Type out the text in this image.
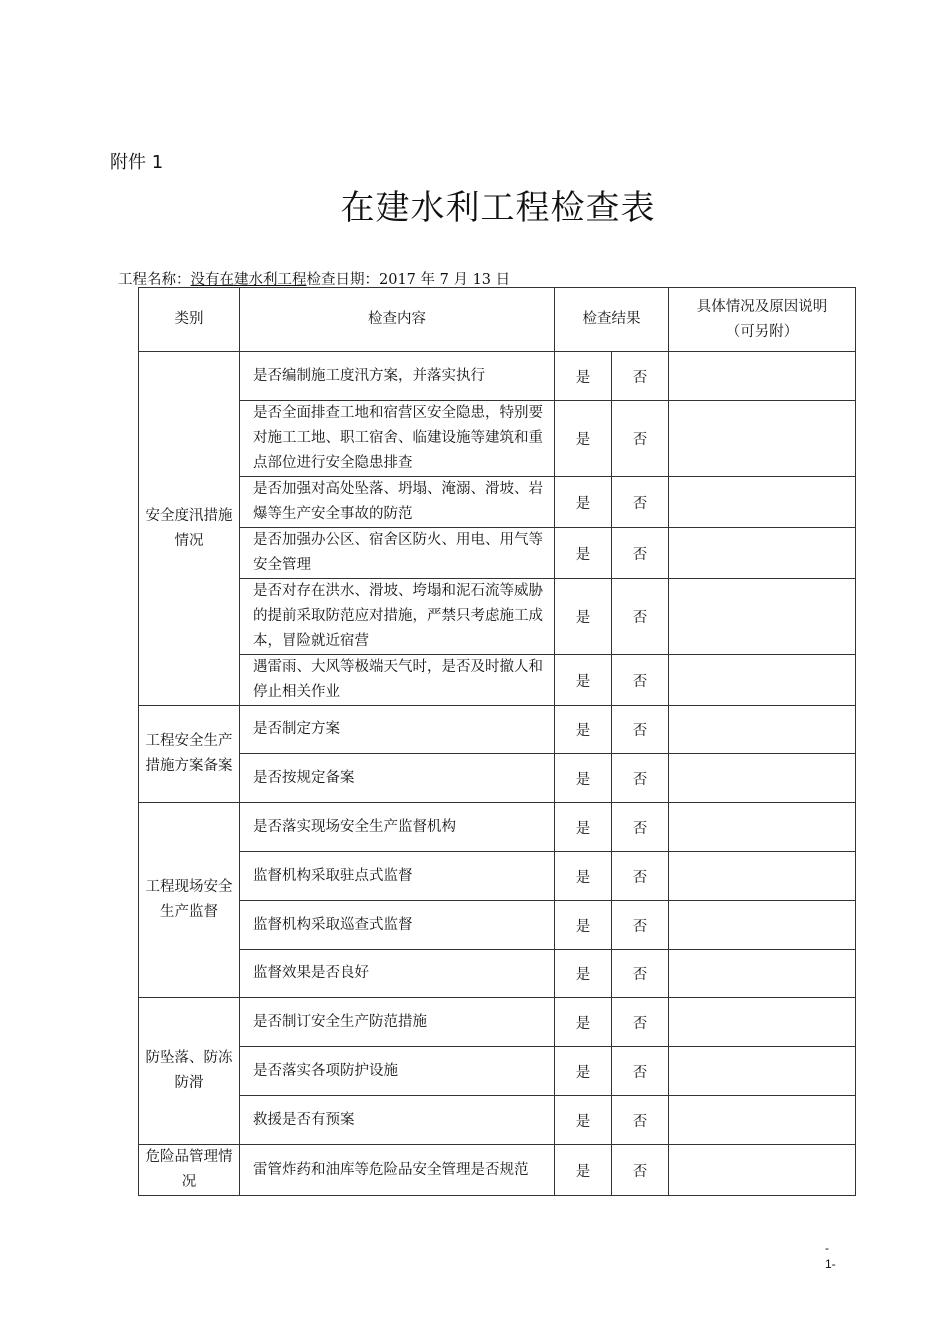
附件 1
在建水利工程检查表
工程名称：没有在建水利工程检查日期：2017 年 7 月 13 日
类别	检查内容	检查结果		具体情况及原因说明
（可另附）
安全度汛措施情况	是否编制施工度汛方案，并落实执行	是	否	
	是否全面排查工地和宿营区安全隐患，特别要对施工工地、职工宿舍、临建设施等建筑和重点部位进行安全隐患排查	是	否	
	是否加强对高处坠落、坍塌、淹溺、滑坡、岩爆等生产安全事故的防范	是	否	
	是否加强办公区、宿舍区防火、用电、用气等安全管理	是	否	
	是否对存在洪水、滑坡、垮塌和泥石流等威胁的提前采取防范应对措施，严禁只考虑施工成本，冒险就近宿营	是	否	
	遇雷雨、大风等极端天气时，是否及时撤人和停止相关作业	是	否	
工程安全生产措施方案备案	是否制定方案	是	否	
	是否按规定备案	是	否	
工程现场安全生产监督	是否落实现场安全生产监督机构	是	否	
	监督机构采取驻点式监督	是	否	
	监督机构采取巡查式监督	是	否	
	监督效果是否良好	是	否	
防坠落、防冻防滑	是否制订安全生产防范措施	是	否	
	是否落实各项防护设施	是	否	
	救援是否有预案	是	否	
危险品管理情况	雷管炸药和油库等危险品安全管理是否规范	是	否	
-
1-
